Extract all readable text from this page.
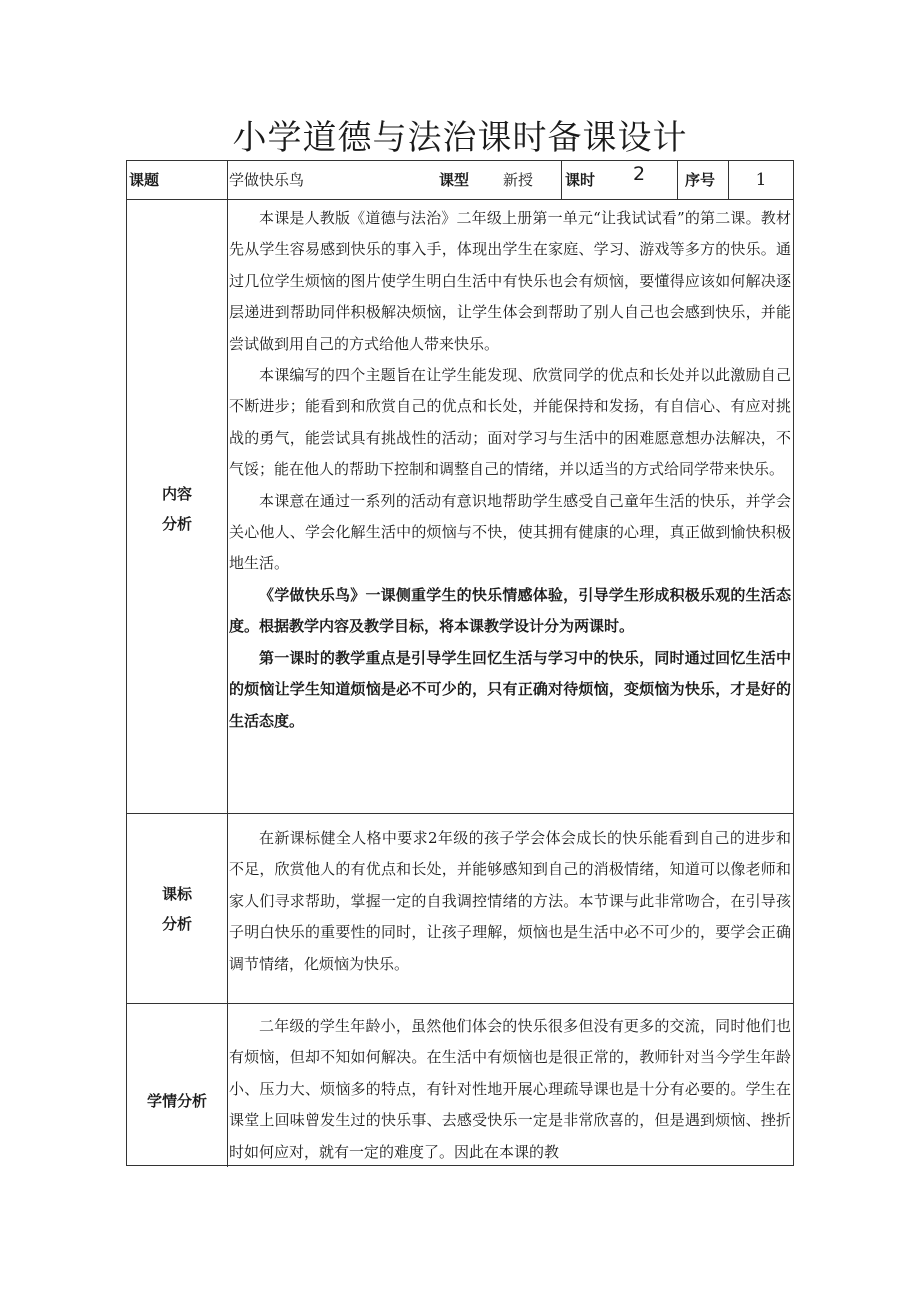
小学道德与法治课时备课设计
课题	学做快乐鸟	课型 新授 课时 2	序号	1
内容
分析

本课是人教版《道德与法治》二年级上册第一单元“让我试试看”的第二课。教材先从学生容易感到快乐的事入手，体现出学生在家庭、学习、游戏等多方的快乐。通过几位学生烦恼的图片使学生明白生活中有快乐也会有烦恼，要懂得应该如何解决逐层递进到帮助同伴积极解决烦恼，让学生体会到帮助了别人自己也会感到快乐，并能尝试做到用自己的方式给他人带来快乐。

本课编写的四个主题旨在让学生能发现、欣赏同学的优点和长处并以此激励自己不断进步；能看到和欣赏自己的优点和长处，并能保持和发扬，有自信心、有应对挑战的勇气，能尝试具有挑战性的活动；面对学习与生活中的困难愿意想办法解决，不气馁；能在他人的帮助下控制和调整自己的情绪，并以适当的方式给同学带来快乐。

本课意在通过一系列的活动有意识地帮助学生感受自己童年生活的快乐，并学会关心他人、学会化解生活中的烦恼与不快，使其拥有健康的心理，真正做到愉快积极地生活。

《学做快乐鸟》一课侧重学生的快乐情感体验，引导学生形成积极乐观的生活态度。根据教学内容及教学目标，将本课教学设计分为两课时。

第一课时的教学重点是引导学生回忆生活与学习中的快乐，同时通过回忆生活中的烦恼让学生知道烦恼是必不可少的，只有正确对待烦恼，变烦恼为快乐，才是好的生活态度。

课标
分析

在新课标健全人格中要求2年级的孩子学会体会成长的快乐能看到自己的进步和不足，欣赏他人的有优点和长处，并能够感知到自己的消极情绪，知道可以像老师和家人们寻求帮助，掌握一定的自我调控情绪的方法。本节课与此非常吻合，在引导孩子明白快乐的重要性的同时，让孩子理解，烦恼也是生活中必不可少的，要学会正确调节情绪，化烦恼为快乐。

学情分析

二年级的学生年龄小，虽然他们体会的快乐很多但没有更多的交流，同时他们也有烦恼，但却不知如何解决。在生活中有烦恼也是很正常的，教师针对当今学生年龄小、压力大、烦恼多的特点，有针对性地开展心理疏导课也是十分有必要的。学生在课堂上回味曾发生过的快乐事、去感受快乐一定是非常欣喜的，但是遇到烦恼、挫折时如何应对，就有一定的难度了。因此在本课的教
